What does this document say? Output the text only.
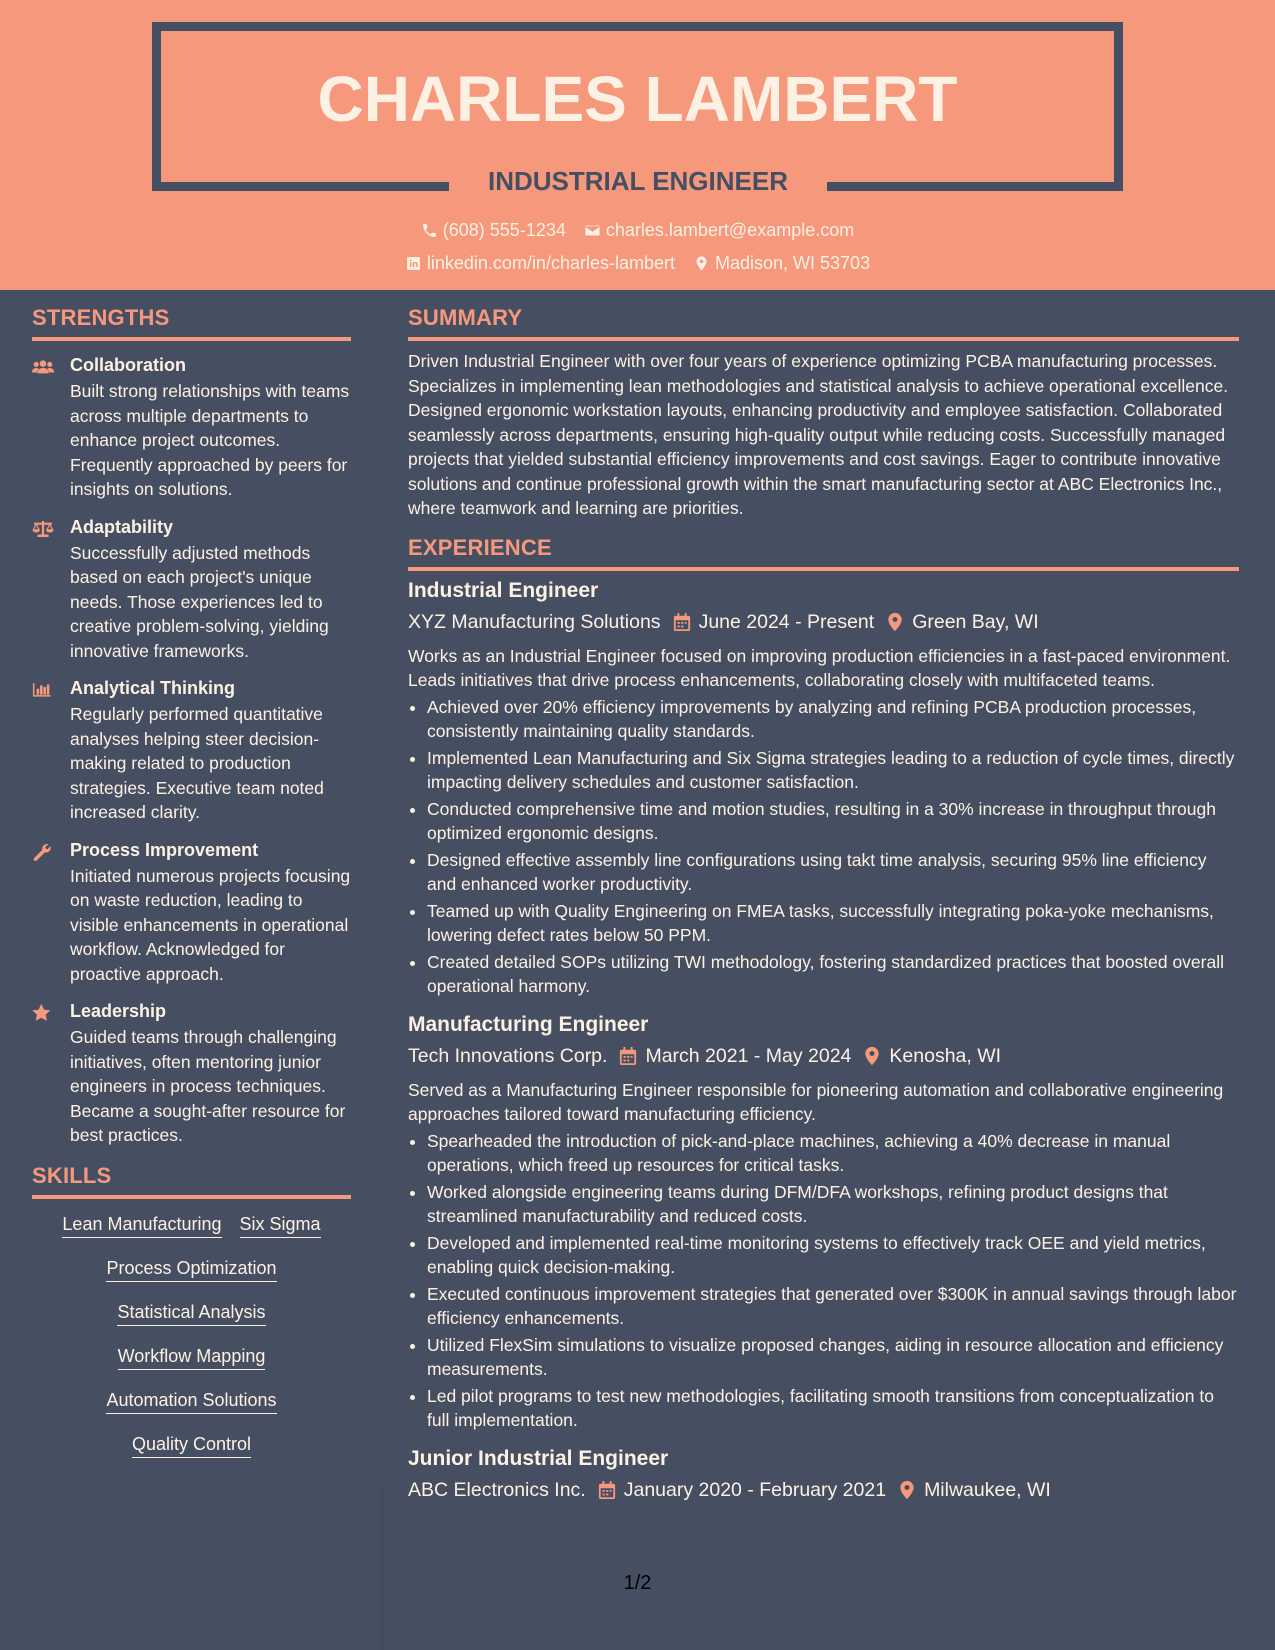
CHARLES LAMBERT
INDUSTRIAL ENGINEER
(608) 555-1234 charles.lambert@example.com
linkedin.com/in/charles-lambert Madison, WI 53703
STRENGTHS
Collaboration
Built strong relationships with teams across multiple departments to enhance project outcomes. Frequently approached by peers for insights on solutions.
Adaptability
Successfully adjusted methods based on each project's unique needs. Those experiences led to creative problem-solving, yielding innovative frameworks.
Analytical Thinking
Regularly performed quantitative analyses helping steer decision-making related to production strategies. Executive team noted increased clarity.
Process Improvement
Initiated numerous projects focusing on waste reduction, leading to visible enhancements in operational workflow. Acknowledged for proactive approach.
Leadership
Guided teams through challenging initiatives, often mentoring junior engineers in process techniques. Became a sought-after resource for best practices.
SKILLS
Lean Manufacturing Six Sigma
Process Optimization
Statistical Analysis
Workflow Mapping
Automation Solutions
Quality Control
SUMMARY
Driven Industrial Engineer with over four years of experience optimizing PCBA manufacturing processes. Specializes in implementing lean methodologies and statistical analysis to achieve operational excellence. Designed ergonomic workstation layouts, enhancing productivity and employee satisfaction. Collaborated seamlessly across departments, ensuring high-quality output while reducing costs. Successfully managed projects that yielded substantial efficiency improvements and cost savings. Eager to contribute innovative solutions and continue professional growth within the smart manufacturing sector at ABC Electronics Inc., where teamwork and learning are priorities.
EXPERIENCE
Industrial Engineer
XYZ Manufacturing Solutions June 2024 - Present Green Bay, WI
Works as an Industrial Engineer focused on improving production efficiencies in a fast-paced environment. Leads initiatives that drive process enhancements, collaborating closely with multifaceted teams.
• Achieved over 20% efficiency improvements by analyzing and refining PCBA production processes, consistently maintaining quality standards.
• Implemented Lean Manufacturing and Six Sigma strategies leading to a reduction of cycle times, directly impacting delivery schedules and customer satisfaction.
• Conducted comprehensive time and motion studies, resulting in a 30% increase in throughput through optimized ergonomic designs.
• Designed effective assembly line configurations using takt time analysis, securing 95% line efficiency and enhanced worker productivity.
• Teamed up with Quality Engineering on FMEA tasks, successfully integrating poka-yoke mechanisms, lowering defect rates below 50 PPM.
• Created detailed SOPs utilizing TWI methodology, fostering standardized practices that boosted overall operational harmony.
Manufacturing Engineer
Tech Innovations Corp. March 2021 - May 2024 Kenosha, WI
Served as a Manufacturing Engineer responsible for pioneering automation and collaborative engineering approaches tailored toward manufacturing efficiency.
• Spearheaded the introduction of pick-and-place machines, achieving a 40% decrease in manual operations, which freed up resources for critical tasks.
• Worked alongside engineering teams during DFM/DFA workshops, refining product designs that streamlined manufacturability and reduced costs.
• Developed and implemented real-time monitoring systems to effectively track OEE and yield metrics, enabling quick decision-making.
• Executed continuous improvement strategies that generated over $300K in annual savings through labor efficiency enhancements.
• Utilized FlexSim simulations to visualize proposed changes, aiding in resource allocation and efficiency measurements.
• Led pilot programs to test new methodologies, facilitating smooth transitions from conceptualization to full implementation.
Junior Industrial Engineer
ABC Electronics Inc. January 2020 - February 2021 Milwaukee, WI
1/2
